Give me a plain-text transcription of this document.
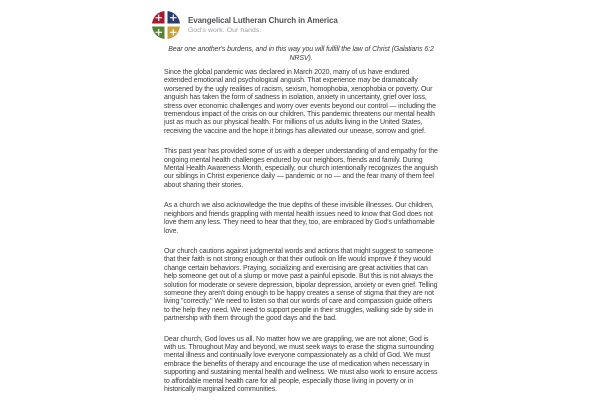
Evangelical Lutheran Church in America
God's work. Our hands.
Bear one another's burdens, and in this way you will fulfill the law of Christ (Galatians 6:2 NRSV).

Since the global pandemic was declared in March 2020, many of us have endured extended emotional and psychological anguish. That experience may be dramatically worsened by the ugly realities of racism, sexism, homophobia, xenophobia or poverty. Our anguish has taken the form of sadness in isolation, anxiety in uncertainty, grief over loss, stress over economic challenges and worry over events beyond our control — including the tremendous impact of the crisis on our children. This pandemic threatens our mental health just as much as our physical health. For millions of us adults living in the United States, receiving the vaccine and the hope it brings has alleviated our unease, sorrow and grief.

This past year has provided some of us with a deeper understanding of and empathy for the ongoing mental health challenges endured by our neighbors, friends and family. During Mental Health Awareness Month, especially, our church intentionally recognizes the anguish our siblings in Christ experience daily — pandemic or no — and the fear many of them feel about sharing their stories.

As a church we also acknowledge the true depths of these invisible illnesses. Our children, neighbors and friends grappling with mental health issues need to know that God does not love them any less. They need to hear that they, too, are embraced by God's unfathomable love.

Our church cautions against judgmental words and actions that might suggest to someone that their faith is not strong enough or that their outlook on life would improve if they would change certain behaviors. Praying, socializing and exercising are great activities that can help someone get out of a slump or move past a painful episode. But this is not always the solution for moderate or severe depression, bipolar depression, anxiety or even grief. Telling someone they aren't doing enough to be happy creates a sense of stigma that they are not living "correctly." We need to listen so that our words of care and compassion guide others to the help they need. We need to support people in their struggles, walking side by side in partnership with them through the good days and the bad.

Dear church, God loves us all. No matter how we are grappling, we are not alone; God is with us. Throughout May and beyond, we must seek ways to erase the stigma surrounding mental illness and continually love everyone compassionately as a child of God. We must embrace the benefits of therapy and encourage the use of medication when necessary in supporting and sustaining mental health and wellness. We must also work to ensure access to affordable mental health care for all people, especially those living in poverty or in historically marginalized communities.
